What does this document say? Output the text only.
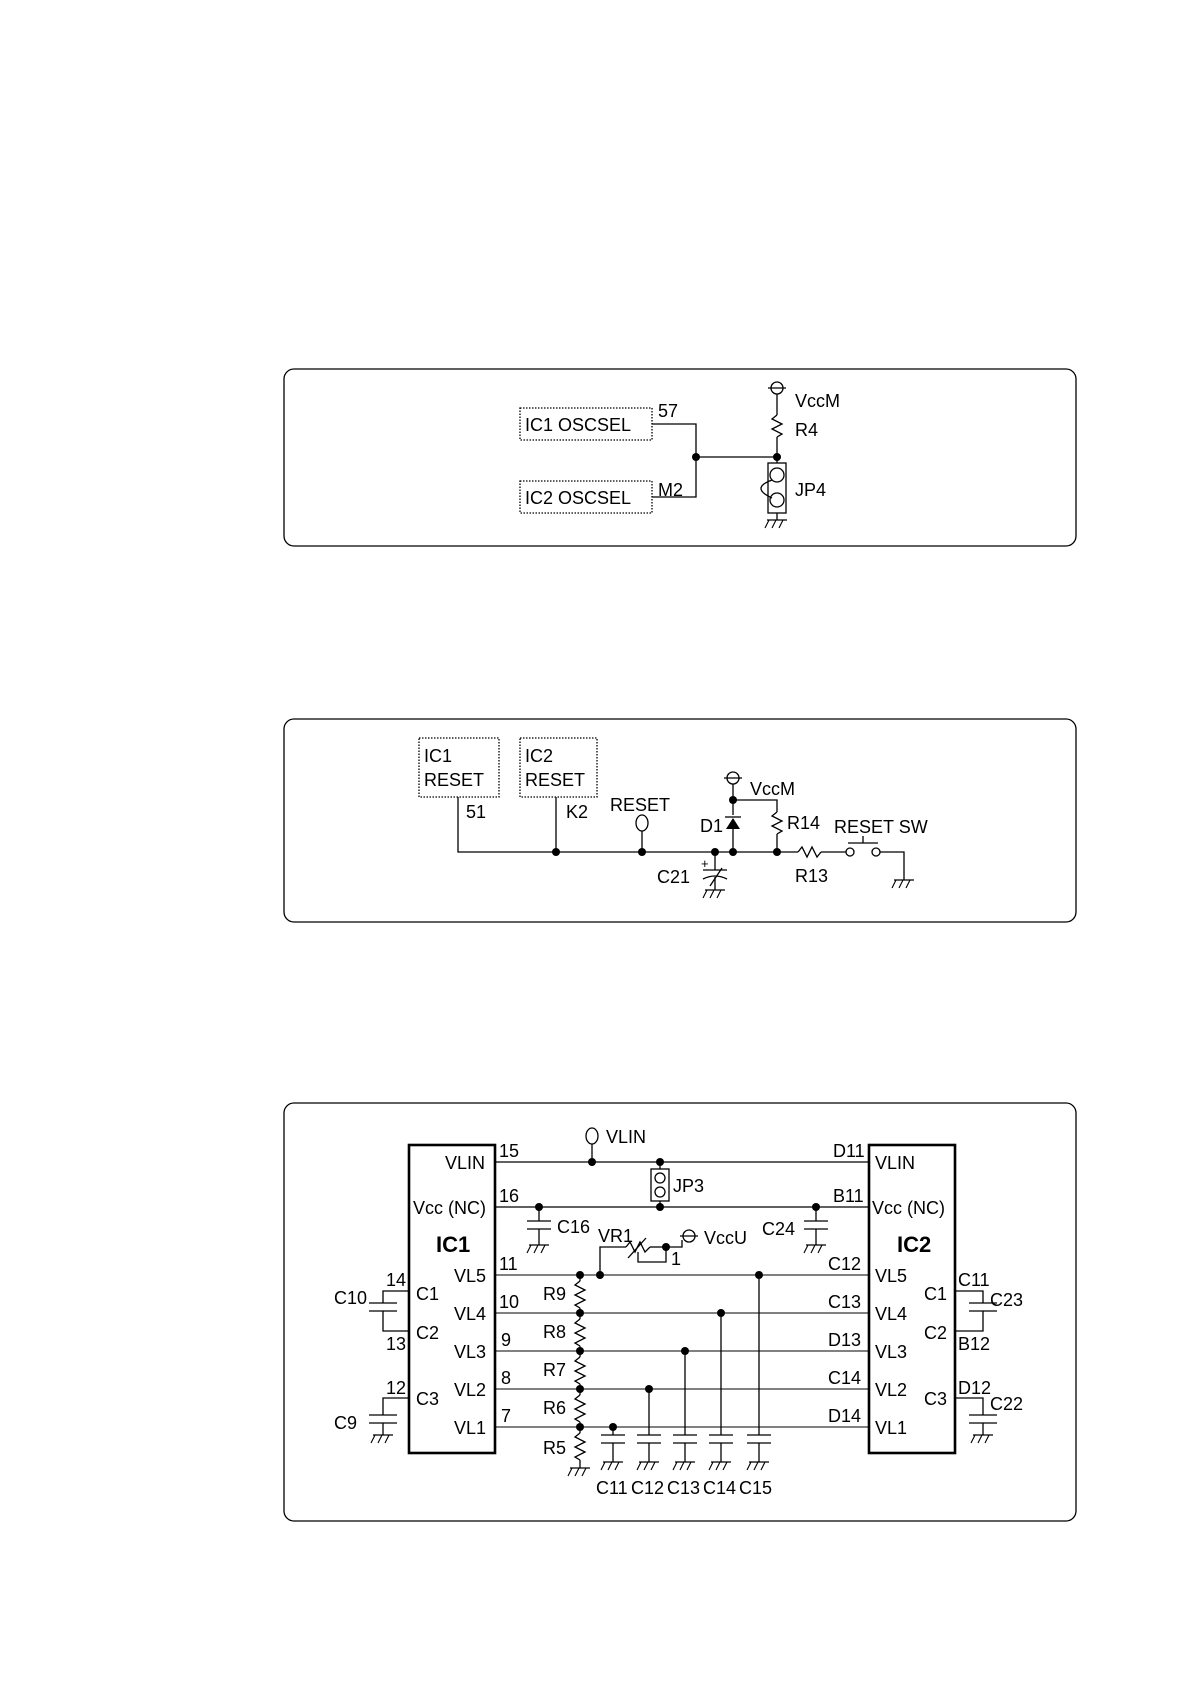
IC1 OSCSEL
IC2 OSCSEL
57
M2
VccM
R4
JP4
IC1
RESET
IC2
RESET
51	K2 RESET
+
C21
VccM
D1	R14
R13
RESET SW
IC1
VLIN
Vcc (NC)
VL5
VL4
VL3
VL2
VL1
C1
C2
C3
IC2
VLIN
Vcc (NC)
VL5
VL4
VL3
VL2
VL1
C1
C2
C3
15
16
11
10
9
8
7
14
13
12
D11
B11
C12
C13
D13
C14
D14
C11
B12
D12
VLIN
JP3
C16	C24
VR1
1
VccU
R9
R8
R7
R6
R5
C11 C12 C13 C14 C15
C10
C9
C23
C22
